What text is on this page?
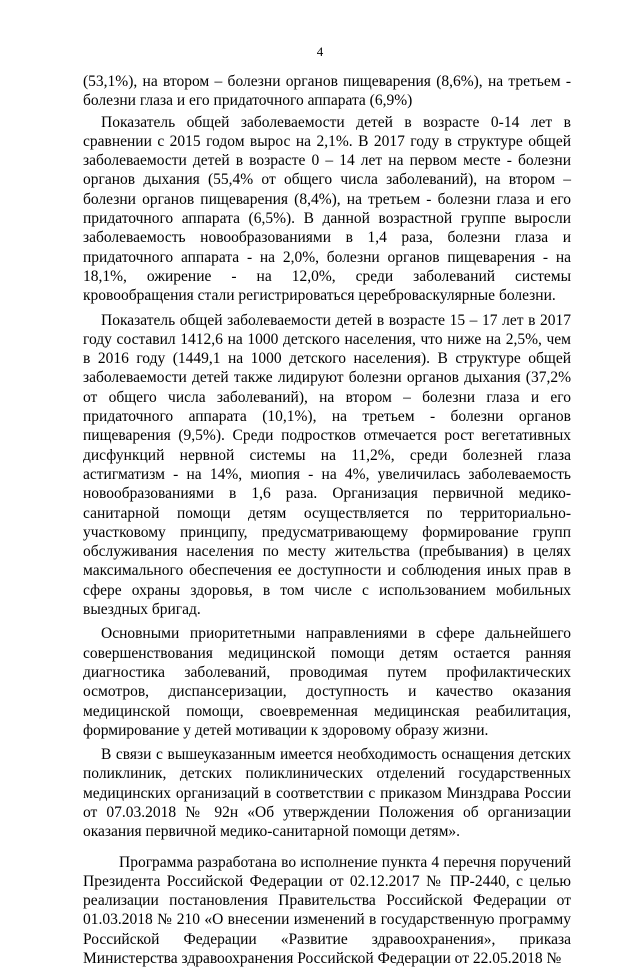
4

(53,1%), на втором – болезни органов пищеварения (8,6%), на третьем - болезни глаза и его придаточного аппарата (6,9%)

Показатель общей заболеваемости детей в возрасте 0-14 лет в сравнении с 2015 годом вырос на 2,1%. В 2017 году в структуре общей заболеваемости детей в возрасте 0 – 14 лет на первом месте - болезни органов дыхания (55,4% от общего числа заболеваний), на втором – болезни органов пищеварения (8,4%), на третьем - болезни глаза и его придаточного аппарата (6,5%). В данной возрастной группе выросли заболеваемость новообразованиями в 1,4 раза, болезни глаза и придаточного аппарата - на 2,0%, болезни органов пищеварения - на 18,1%, ожирение - на 12,0%, среди заболеваний системы кровообращения стали регистрироваться цереброваскулярные болезни.

Показатель общей заболеваемости детей в возрасте 15 – 17 лет в 2017 году составил 1412,6 на 1000 детского населения, что ниже на 2,5%, чем в 2016 году (1449,1 на 1000 детского населения). В структуре общей заболеваемости детей также лидируют болезни органов дыхания (37,2% от общего числа заболеваний), на втором – болезни глаза и его придаточного аппарата (10,1%), на третьем - болезни органов пищеварения (9,5%). Среди подростков отмечается рост вегетативных дисфункций нервной системы на 11,2%, среди болезней глаза астигматизм - на 14%, миопия - на 4%, увеличилась заболеваемость новообразованиями в 1,6 раза. Организация первичной медико-санитарной помощи детям осуществляется по территориально-участковому принципу, предусматривающему формирование групп обслуживания населения по месту жительства (пребывания) в целях максимального обеспечения ее доступности и соблюдения иных прав в сфере охраны здоровья, в том числе с использованием мобильных выездных бригад.

Основными приоритетными направлениями в сфере дальнейшего совершенствования медицинской помощи детям остается ранняя диагностика заболеваний, проводимая путем профилактических осмотров, диспансеризации, доступность и качество оказания медицинской помощи, своевременная медицинская реабилитация, формирование у детей мотивации к здоровому образу жизни.

В связи с вышеуказанным имеется необходимость оснащения детских поликлиник, детских поликлинических отделений государственных медицинских организаций в соответствии с приказом Минздрава России от 07.03.2018 № 92н «Об утверждении Положения об организации оказания первичной медико-санитарной помощи детям».

Программа разработана во исполнение пункта 4 перечня поручений Президента Российской Федерации от 02.12.2017 № ПР-2440, с целью реализации постановления Правительства Российской Федерации от 01.03.2018 № 210 «О внесении изменений в государственную программу Российской Федерации «Развитие здравоохранения», приказа Министерства здравоохранения Российской Федерации от 22.05.2018 №
